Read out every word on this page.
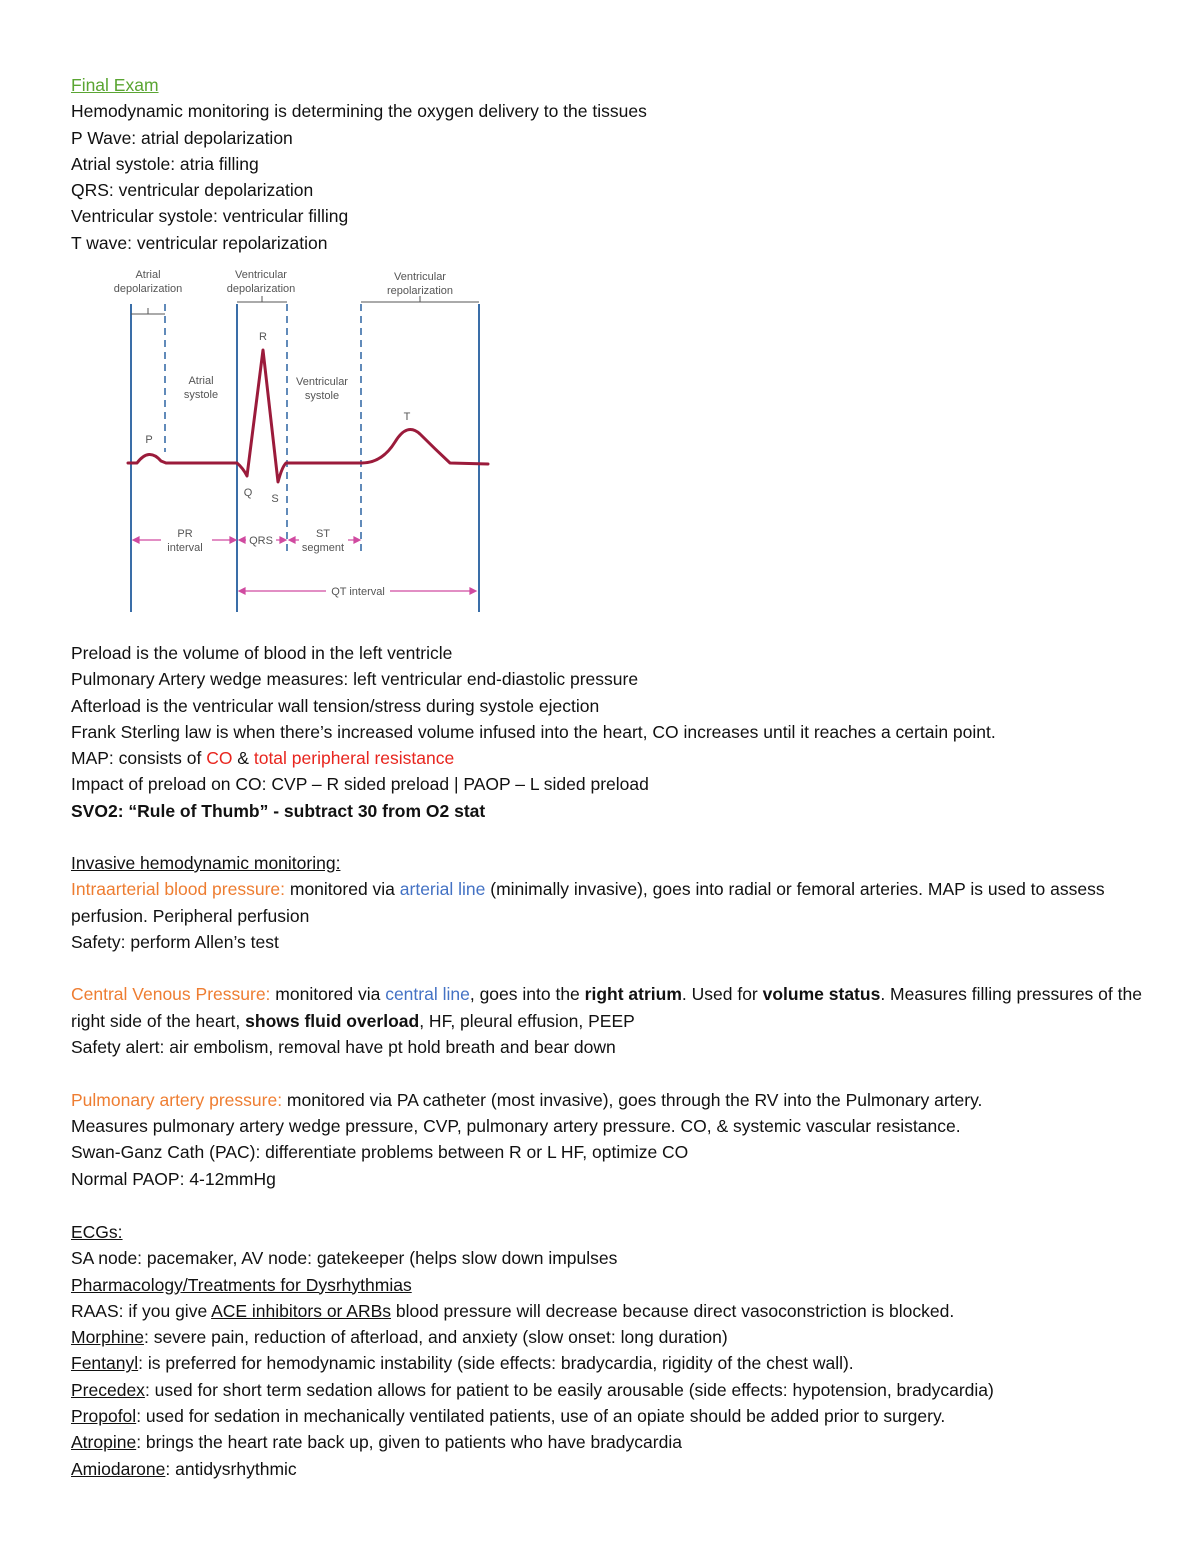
Final Exam
Hemodynamic monitoring is determining the oxygen delivery to the tissues
P Wave: atrial depolarization
Atrial systole: atria filling
QRS: ventricular depolarization
Ventricular systole: ventricular filling
T wave: ventricular repolarization
Atrial
depolarization
Ventricular
depolarization
Ventricular
repolarization
Atrial
systole
Ventricular
systole
P
R
Q S
T
PR
interval
QRS
ST
segment
QT interval
Preload is the volume of blood in the left ventricle
Pulmonary Artery wedge measures: left ventricular end-diastolic pressure
Afterload is the ventricular wall tension/stress during systole ejection
Frank Sterling law is when there’s increased volume infused into the heart, CO increases until it reaches a certain point.
MAP: consists of CO & total peripheral resistance
Impact of preload on CO: CVP – R sided preload | PAOP – L sided preload
SVO2: “Rule of Thumb” - subtract 30 from O2 stat
Invasive hemodynamic monitoring:
Intraarterial blood pressure: monitored via arterial line (minimally invasive), goes into radial or femoral arteries. MAP is used to assess perfusion. Peripheral perfusion
Safety: perform Allen’s test
Central Venous Pressure: monitored via central line, goes into the right atrium. Used for volume status. Measures filling pressures of the right side of the heart, shows fluid overload, HF, pleural effusion, PEEP
Safety alert: air embolism, removal have pt hold breath and bear down
Pulmonary artery pressure: monitored via PA catheter (most invasive), goes through the RV into the Pulmonary artery.
Measures pulmonary artery wedge pressure, CVP, pulmonary artery pressure. CO, & systemic vascular resistance.
Swan-Ganz Cath (PAC): differentiate problems between R or L HF, optimize CO
Normal PAOP: 4-12mmHg
ECGs:
SA node: pacemaker, AV node: gatekeeper (helps slow down impulses
Pharmacology/Treatments for Dysrhythmias
RAAS: if you give ACE inhibitors or ARBs blood pressure will decrease because direct vasoconstriction is blocked.
Morphine: severe pain, reduction of afterload, and anxiety (slow onset: long duration)
Fentanyl: is preferred for hemodynamic instability (side effects: bradycardia, rigidity of the chest wall).
Precedex: used for short term sedation allows for patient to be easily arousable (side effects: hypotension, bradycardia)
Propofol: used for sedation in mechanically ventilated patients, use of an opiate should be added prior to surgery.
Atropine: brings the heart rate back up, given to patients who have bradycardia
Amiodarone: antidysrhythmic
